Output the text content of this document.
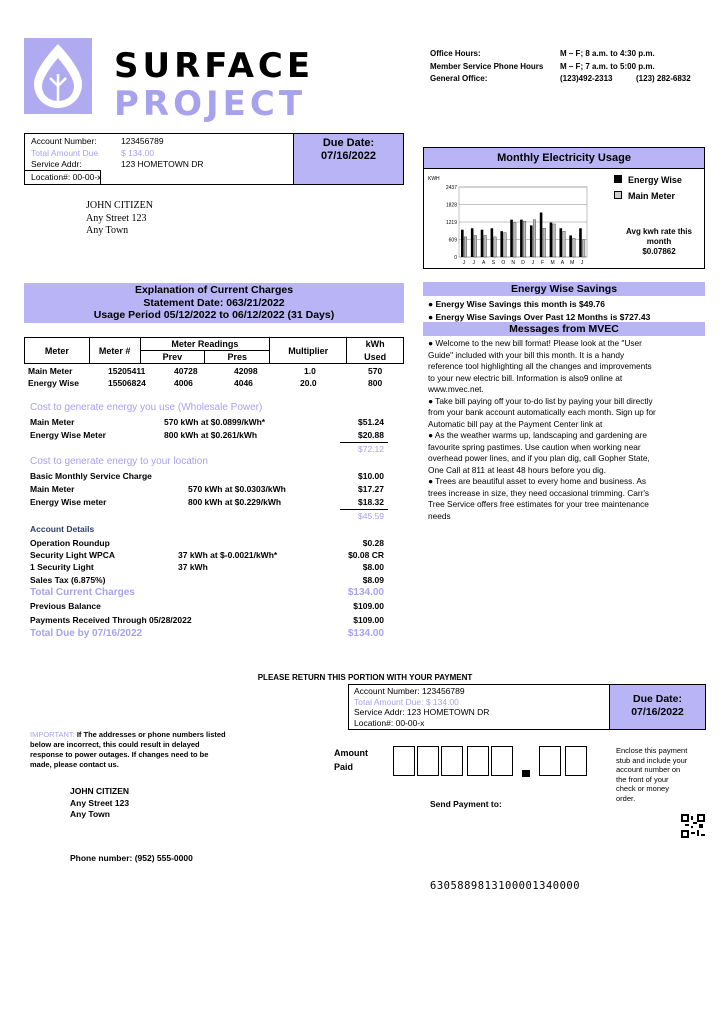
SURFACE
PROJECT
Office Hours:	M – F; 8 a.m. to 4:30 p.m.
Member Service Phone Hours M – F; 7 a.m. to 5:00 p.m.
General Office:	(123)492-2313	(123) 282-6832
Account Number:	123456789
Total Amount Due	$ 134.00
Service Addr:	123 HOMETOWN DR
Location#: 00-00-x
Due Date:
07/16/2022
JOHN CITIZEN
Any Street 123
Any Town
Monthly Electricity Usage
KWH
2437
1828
1219
609
0
J J A S O N D J F M A M J
Energy Wise
Main Meter
Avg kwh rate this month
$0.07862
Explanation of Current Charges
Statement Date: 063/21/2022
Usage Period 05/12/2022 to 06/12/2022 (31 Days)
Meter	Meter #	Meter Readings		Multiplier	kWh
		Prev	Pres		Used
Main Meter	15205411	40728	42098	1.0	570
Energy Wise	15506824	4006	4046	20.0	800
Cost to generate energy you use (Wholesale Power)
Main Meter	570 kWh at $0.0899/kWh*	$51.24
Energy Wise Meter	800 kWh at $0.261/kWh	$20.88
$72.12
Cost to generate energy to your location
Basic Monthly Service Charge	$10.00
Main Meter	570 kWh at $0.0303/kWh	$17.27
Energy Wise meter	800 kWh at $0.229/kWh	$18.32
$45.59
Account Details
Operation Roundup	$0.28
Security Light WPCA	37 kWh at $-0.0021/kWh*	$0.08 CR
1 Security Light	37 kWh	$8.00
Sales Tax (6.875%)	$8.09
Total Current Charges	$134.00
Previous Balance	$109.00
Payments Received Through 05/28/2022	$109.00
Total Due by 07/16/2022	$134.00
Energy Wise Savings
● Energy Wise Savings this month is $49.76
● Energy Wise Savings Over Past 12 Months is $727.43
Messages from MVEC
● Welcome to the new bill format! Please look at the "User
Guide" included with your bill this month. It is a handy
reference tool highlighting all the changes and improvements
to your new electric bill. Information is also9 online at
www.mvec.net.
● Take bill paying off your to-do list by paying your bill directly
from your bank account automatically each month. Sign up for
Automatic bill pay at the Payment Center link at
● As the weather warms up, landscaping and gardening are
favourite spring pastimes. Use caution when working near
overhead power lines, and if you plan dig, call Gopher State,
One Call at 811 at least 48 hours before you dig.
● Trees are beautiful asset to every home and business. As
trees increase in size, they need occasional trimming. Carr's
Tree Service offers free estimates for your tree maintenance
needs
PLEASE RETURN THIS PORTION WITH YOUR PAYMENT
Account Number: 123456789
Total Amount Due: $ 134.00
Service Addr: 123 HOMETOWN DR
Location#: 00-00-x
Due Date:
07/16/2022
IMPORTANT: If The addresses or phone numbers listed
below are incorrect, this could result in delayed
response to power outages. If changes need to be
made, please contact us.
Amount
Paid
Enclose this payment
stub and include your
account number on
the front of your
check or money
order.
Send Payment to:
JOHN CITIZEN
Any Street 123
Any Town
Phone number: (952) 555-0000
6305889813100001340000
